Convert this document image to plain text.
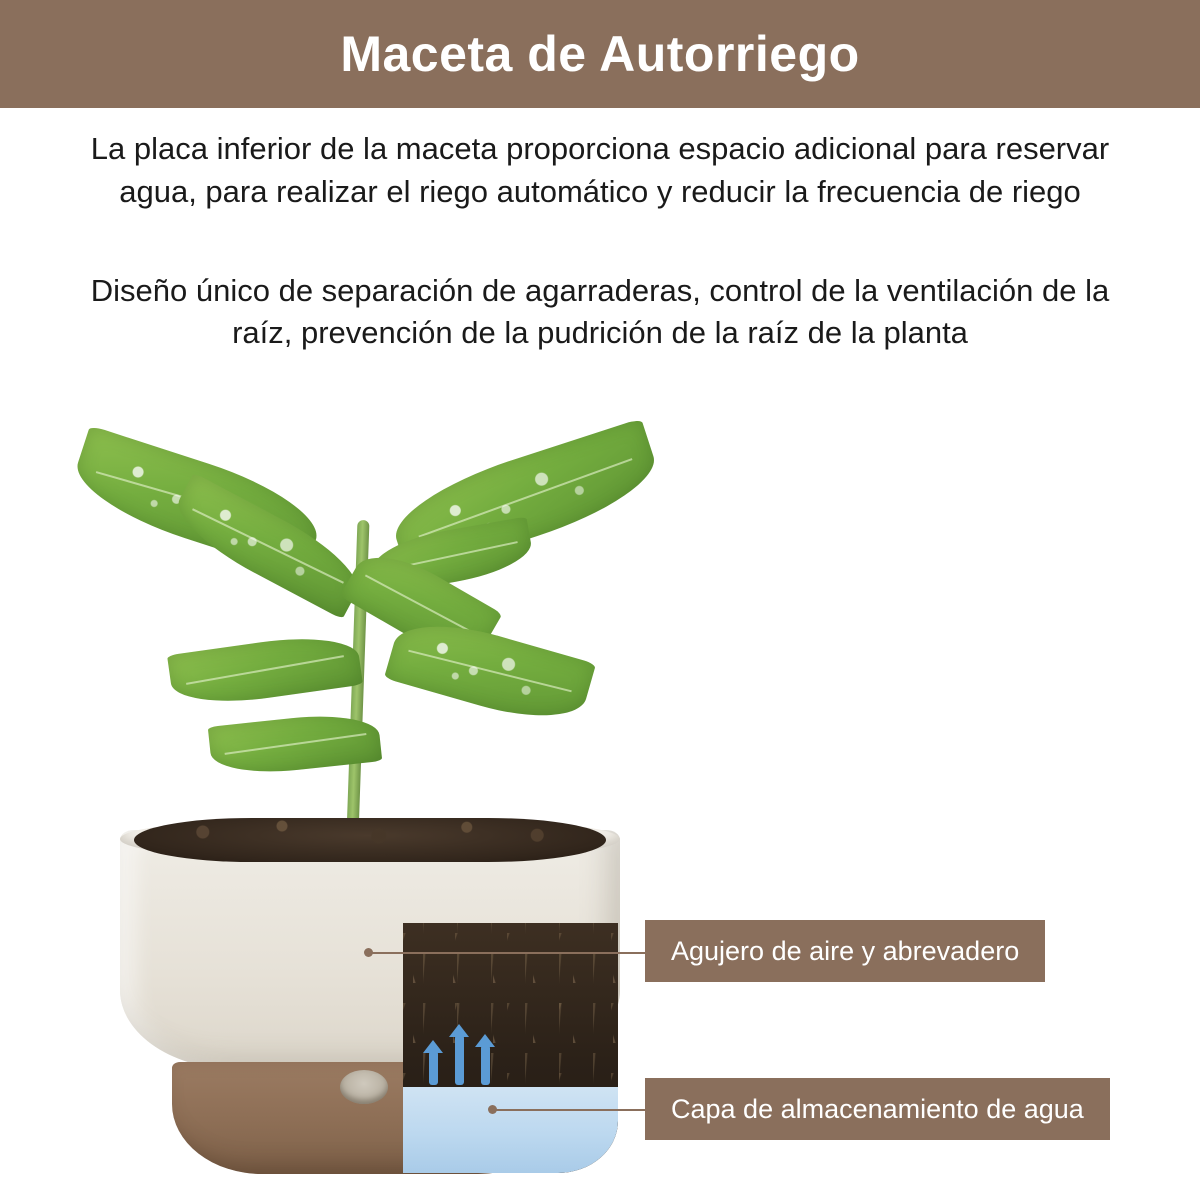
Maceta de Autorriego

La placa inferior de la maceta proporciona espacio adicional para reservar agua, para realizar el riego automático y reducir la frecuencia de riego

Diseño único de separación de agarraderas, control de la ventilación de la raíz, prevención de la pudrición de la raíz de la planta

Agujero de aire y abrevadero
Capa de almacenamiento de agua
